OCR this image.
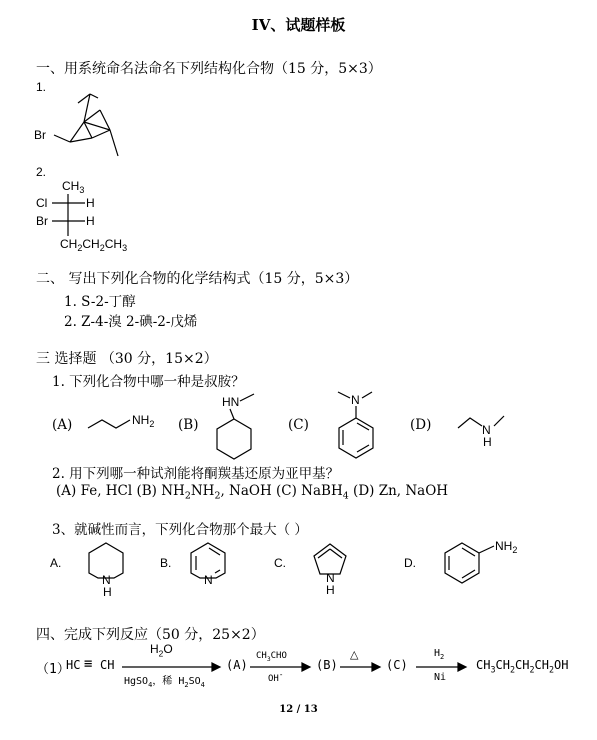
IV、试题样板
一、用系统命名法命名下列结构化合物（15 分，5×3）
1.
Br
2.
$CH_3$
Cl	H
Br	H
$CH_2CH_2CH_3$
二、 写出下列化合物的化学结构式（15 分，5×3）
1. S-2-丁醇
2. Z-4-溴 2-碘-2-戊烯
三 选择题 （30 分，15×2）
1. 下列化合物中哪一种是叔胺？
(A)	$NH_2$ (B)
HN
(C)
N
(D)	N
H
2. 用下列哪一种试剂能将酮羰基还原为亚甲基？
(A) Fe, HCl (B) $NH_2NH_2$, NaOH (C) NaBH$_4$ (D) Zn, NaOH
3、就碱性而言，下列化合物那个最大（ ）
A.
N
H
B.
N
C.
N
H
D.
$NH_2$
四、完成下列反应（50 分，25×2）
（1）
HC ≡ CH
$H_2O$
HgSO$_4$，稀 $H_2SO_4$
(A)
$CH_3CHO$
OH-
(B)
△
(C)
$H_2$
Ni
$CH_3CH_2CH_2CH_2OH$
12 / 13
